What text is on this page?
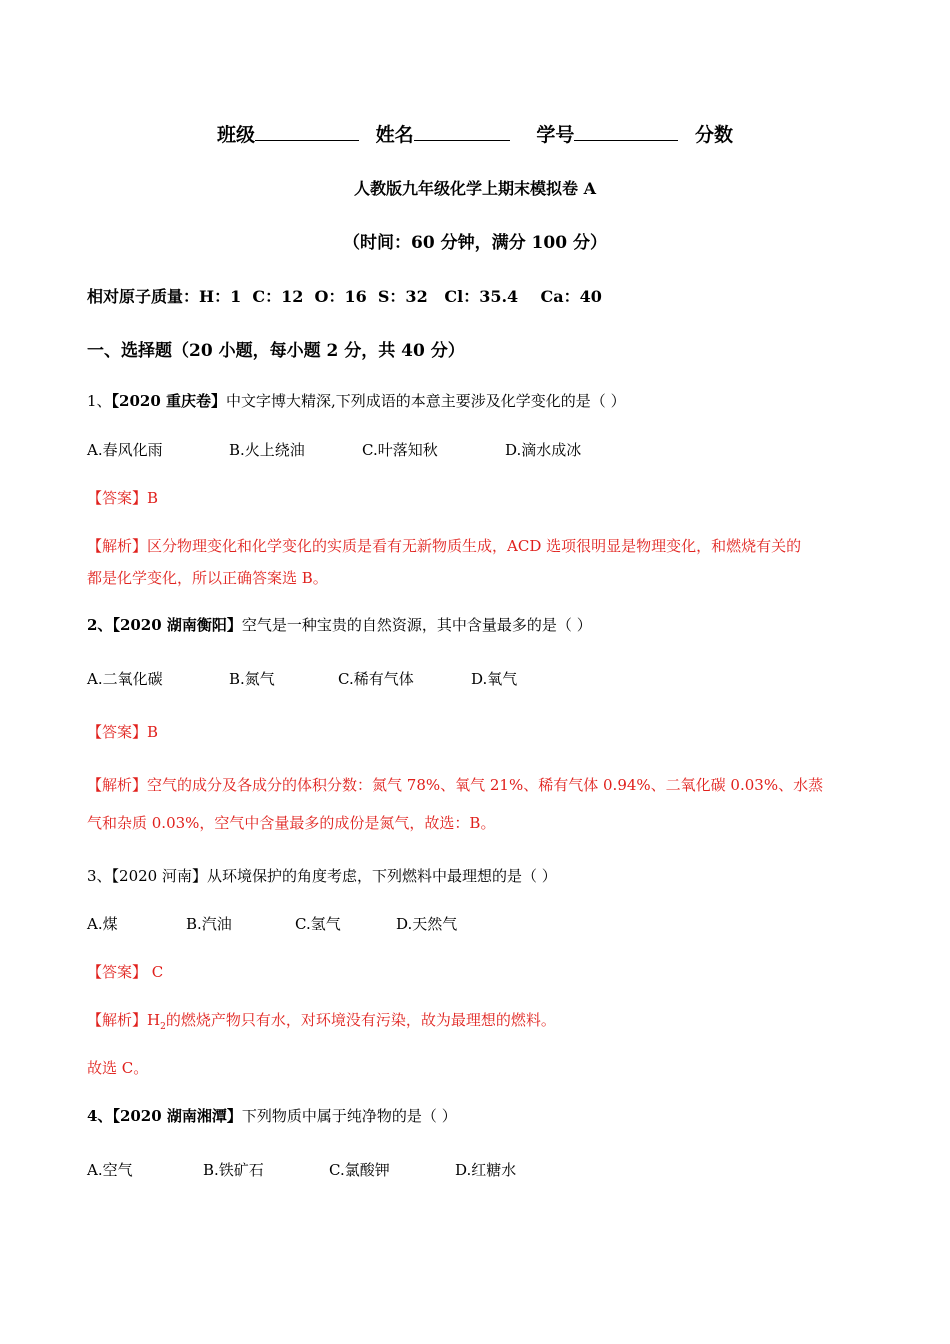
班级	姓名	学号	分数
人教版九年级化学上期末模拟卷 A
（时间：60 分钟，满分 100 分）
相对原子质量：H：1  C：12  O：16  S：32   Cl：35.4    Ca：40
一、选择题（20 小题，每小题 2 分，共 40 分）
1、【2020 重庆卷】中文字博大精深,下列成语的本意主要涉及化学变化的是（ ）
A.春风化雨	B.火上绕油	C.叶落知秋	D.滴水成冰
【答案】B
【解析】区分物理变化和化学变化的实质是看有无新物质生成，ACD 选项很明显是物理变化，和燃烧有关的
都是化学变化，所以正确答案选 B。
2、【2020 湖南衡阳】空气是一种宝贵的自然资源，其中含量最多的是（ ）
A.二氧化碳	B.氮气	C.稀有气体	D.氧气
【答案】B
【解析】空气的成分及各成分的体积分数：氮气 78%、氧气 21%、稀有气体 0.94%、二氧化碳 0.03%、水蒸
气和杂质 0.03%，空气中含量最多的成份是氮气，故选：B。
3、【2020 河南】从环境保护的角度考虑，下列燃料中最理想的是（ ）
A.煤	B.汽油	C.氢气	D.天然气
【答案】 C
【解析】$H_2$的燃烧产物只有水，对环境没有污染，故为最理想的燃料。
故选 C。
4、【2020 湖南湘潭】下列物质中属于纯净物的是（ ）
A.空气	B.铁矿石	C.氯酸钾	D.红糖水
